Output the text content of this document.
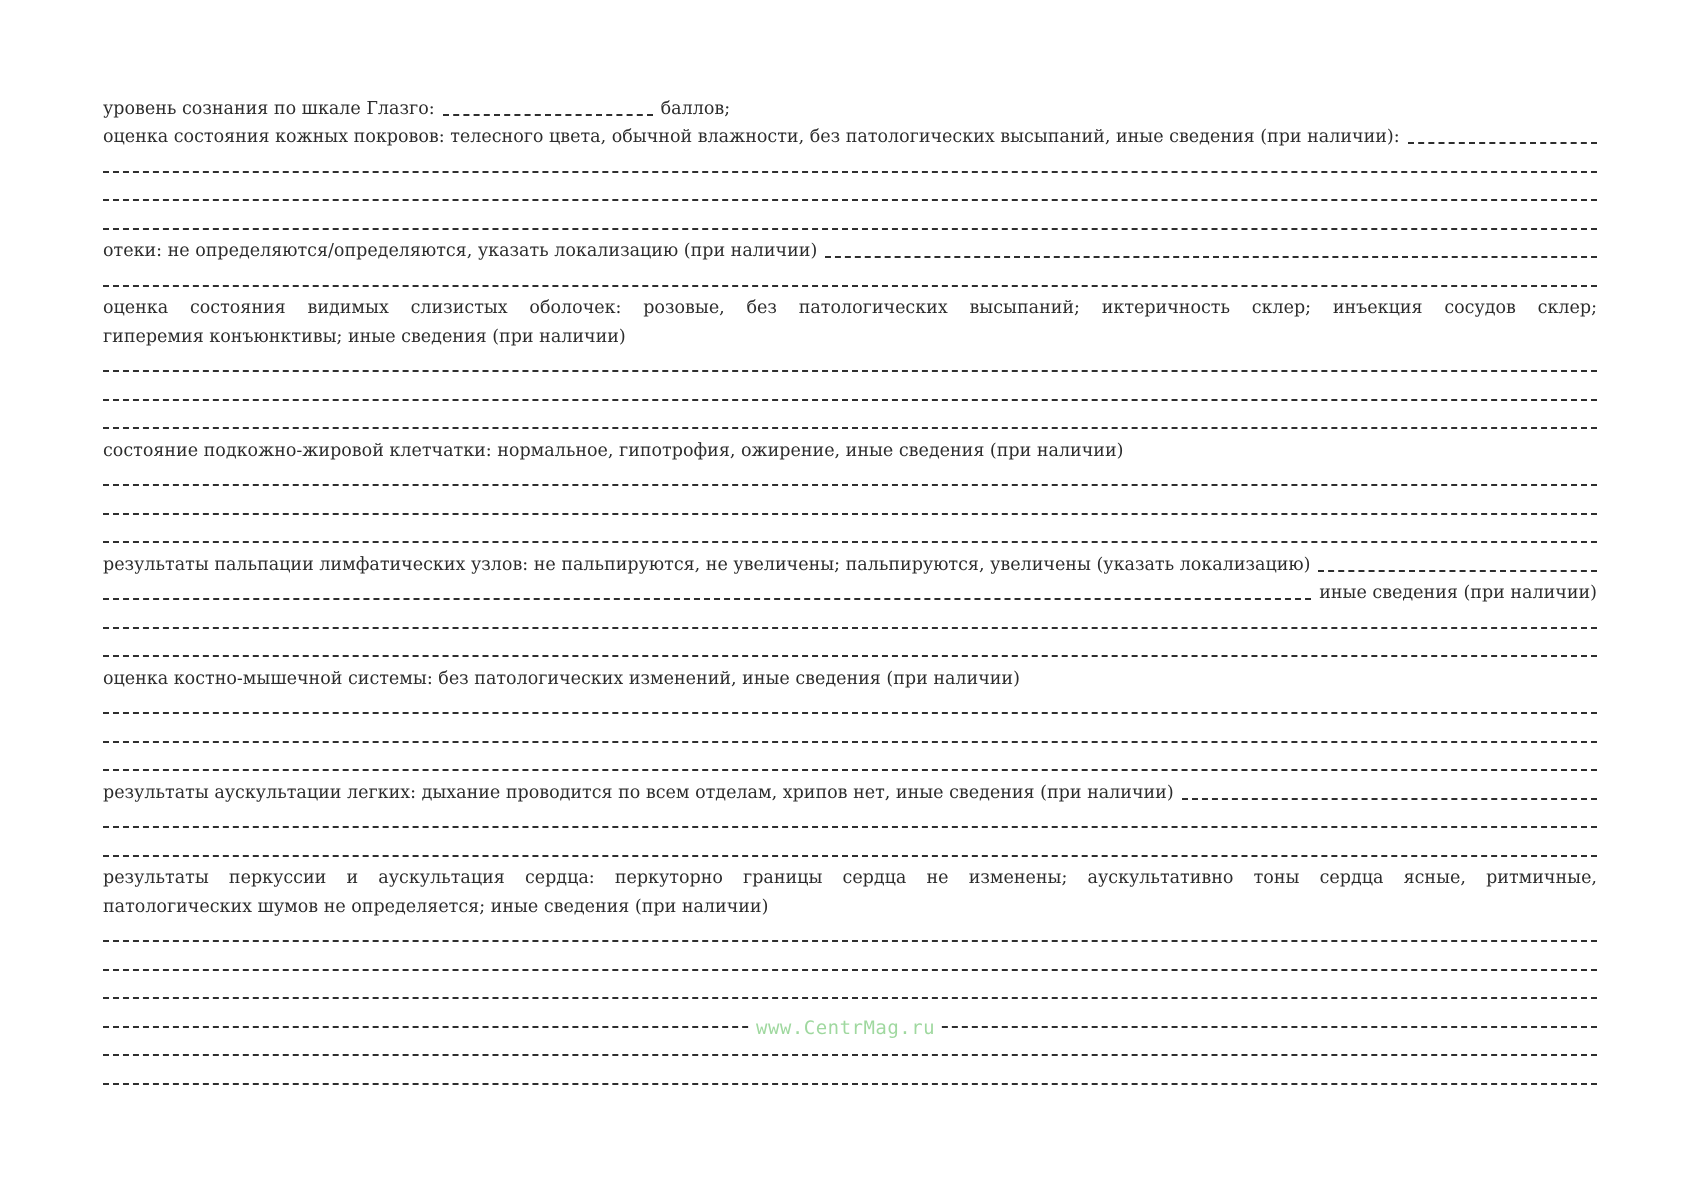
уровень сознания по шкале Глазго:	баллов;
оценка состояния кожных покровов: телесного цвета, обычной влажности, без патологических высыпаний, иные сведения (при наличии):
отеки: не определяются/определяются, указать локализацию (при наличии)
оценка состояния видимых слизистых оболочек: розовые, без патологических высыпаний; иктеричность склер; инъекция сосудов склер;
гиперемия конъюнктивы; иные сведения (при наличии)
состояние подкожно-жировой клетчатки: нормальное, гипотрофия, ожирение, иные сведения (при наличии)
результаты пальпации лимфатических узлов: не пальпируются, не увеличены; пальпируются, увеличены (указать локализацию)
иные сведения (при наличии)
оценка костно-мышечной системы: без патологических изменений, иные сведения (при наличии)
результаты аускультации легких: дыхание проводится по всем отделам, хрипов нет, иные сведения (при наличии)
результаты перкуссии и аускультация сердца: перкуторно границы сердца не изменены; аускультативно тоны сердца ясные, ритмичные,
патологических шумов не определяется; иные сведения (при наличии)
www.CentrMag.ru
